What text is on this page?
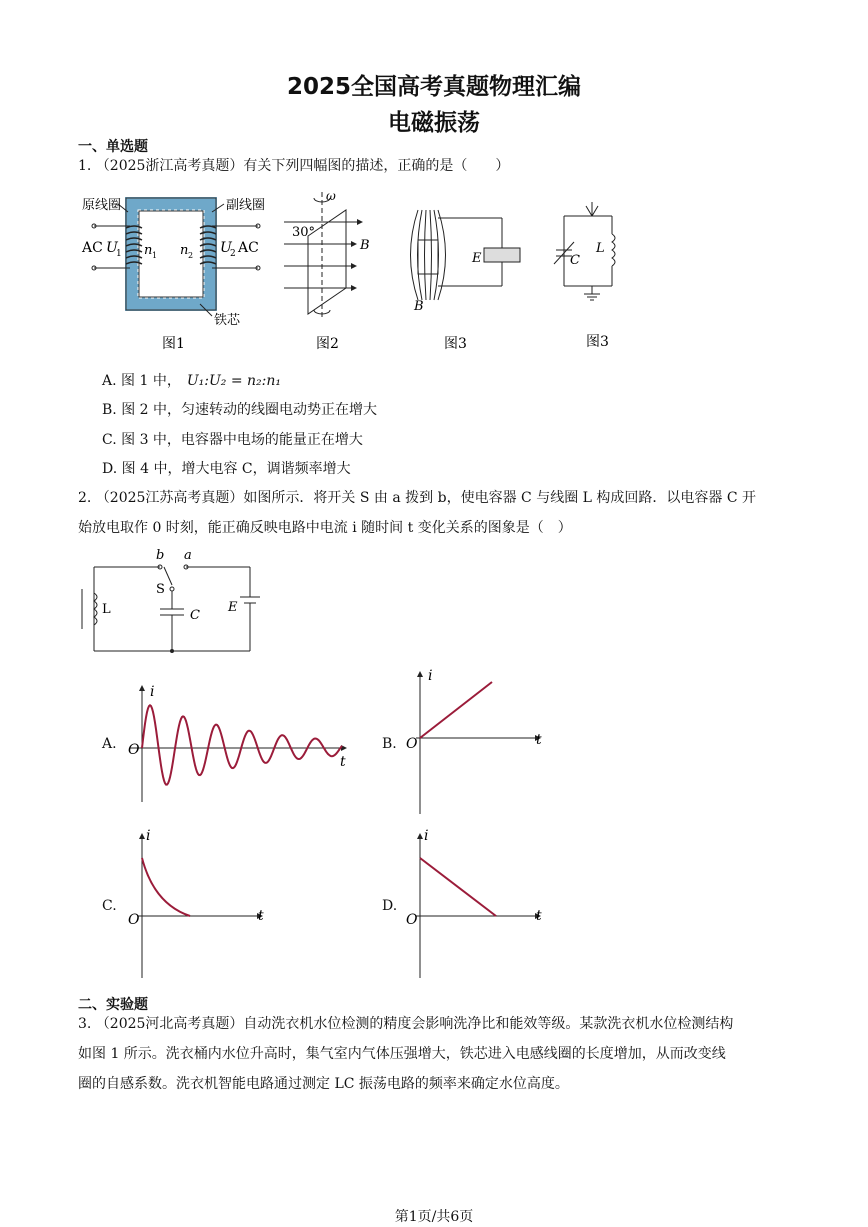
2025全国高考真题物理汇编
电磁振荡
一、单选题
1. （2025浙江高考真题）有关下列四幅图的描述，正确的是（　　）
原线圈	副线圈
铁芯
AC U
1 n 1 n 2 U
2 AC
图1
ω
30°
B
图2
E
B
图3
C
L
图3
A. 图 1 中， U₁:U₂ = n₂:n₁
B. 图 2 中，匀速转动的线圈电动势正在增大
C. 图 3 中，电容器中电场的能量正在增大
D. 图 4 中，增大电容 C，调谐频率增大
2. （2025江苏高考真题）如图所示．将开关 S 由 a 拨到 b，使电容器 C 与线圈 L 构成回路．以电容器 C 开
始放电取作 0 时刻，能正确反映电路中电流 i 随时间 t 变化关系的图象是（　）
b a
S
L	C
E
A.
i
t
O	B.
i
t
O
C.
i
t
O
D.
i
t
O
二、实验题
3. （2025河北高考真题）自动洗衣机水位检测的精度会影响洗净比和能效等级。某款洗衣机水位检测结构
如图 1 所示。洗衣桶内水位升高时，集气室内气体压强增大，铁芯进入电感线圈的长度增加，从而改变线
圈的自感系数。洗衣机智能电路通过测定 LC 振荡电路的频率来确定水位高度。
第1页/共6页
